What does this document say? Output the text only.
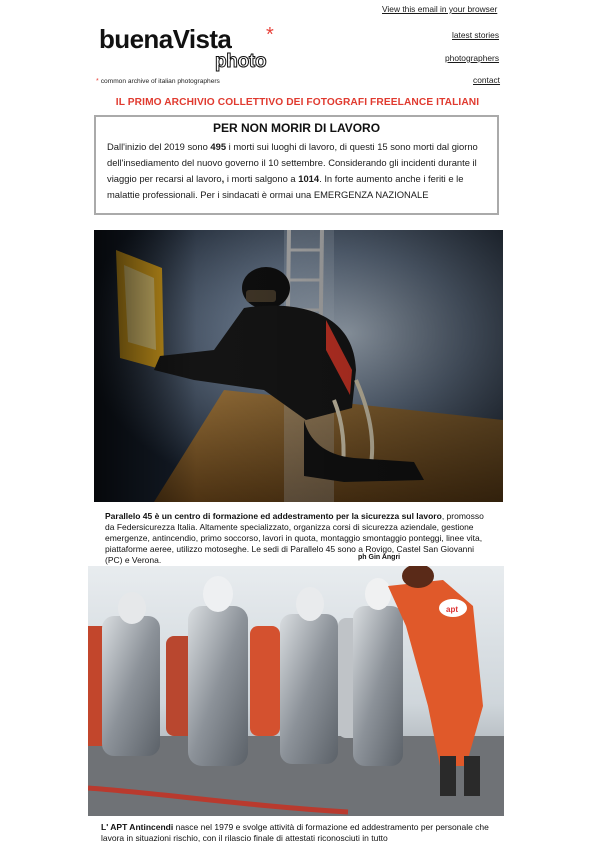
View this email in your browser
latest stories
photographers
contact
buenaVista *
photo
* common archive of italian photographers
IL PRIMO ARCHIVIO COLLETTIVO DEI FOTOGRAFI FREELANCE ITALIANI
PER NON MORIR DI LAVORO
Dall'inizio del 2019 sono 495 i morti sui luoghi di lavoro, di questi 15 sono morti dal giorno dell'insediamento del nuovo governo il 10 settembre. Considerando gli incidenti durante il viaggio per recarsi al lavoro, i morti salgono a 1014. In forte aumento anche i feriti e le malattie professionali. Per i sindacati è ormai una EMERGENZA NAZIONALE
Parallelo 45 è un centro di formazione ed addestramento per la sicurezza sul lavoro, promosso da Federsicurezza Italia. Altamente specializzato, organizza corsi di sicurezza aziendale, gestione emergenze, antincendio, primo soccorso, lavori in quota, montaggio smontaggio ponteggi, linee vita, piattaforme aeree, utilizzo motoseghe. Le sedi di Parallelo 45 sono a Rovigo, Castel San Giovanni (PC) e Verona.	ph Gin Angri
apt
L' APT Antincendi nasce nel 1979 e svolge attività di formazione ed addestramento per personale che lavora in situazioni rischio, con il rilascio finale di attestati riconosciuti in tutto
